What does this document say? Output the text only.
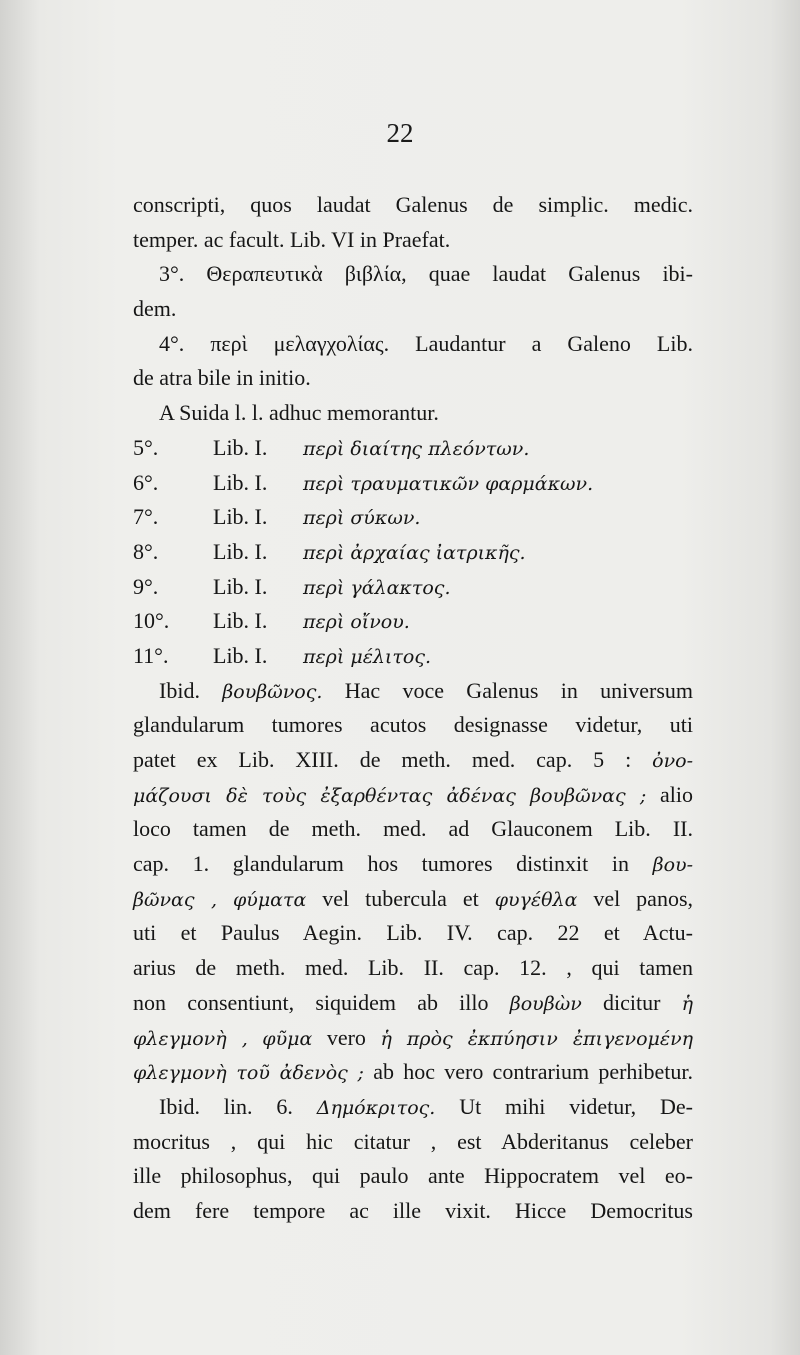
22
conscripti, quos laudat Galenus de simplic. medic.
temper. ac facult. Lib. VI in Praefat.
3°. Θεραπευτικὰ βιβλία, quae laudat Galenus ibi-
dem.
4°. περὶ μελαγχολίας. Laudantur a Galeno Lib.
de atra bile in initio.
A Suida l. l. adhuc memorantur.
5°. Lib. I. περὶ διαίτης πλεόντων.
6°. Lib. I. περὶ τραυματικῶν φαρμάκων.
7°. Lib. I. περὶ σύκων.
8°. Lib. I. περὶ ἀρχαίας ἰατρικῆς.
9°. Lib. I. περὶ γάλακτος.
10°. Lib. I. περὶ οἴνου.
11°. Lib. I. περὶ μέλιτος.
Ibid. βουβῶνος. Hac voce Galenus in universum
glandularum tumores acutos designasse videtur, uti
patet ex Lib. XIII. de meth. med. cap. 5 : ὀνο-
μάζουσι δὲ τοὺς ἐξαρθέντας ἀδένας βουβῶνας ; alio
loco tamen de meth. med. ad Glauconem Lib. II.
cap. 1. glandularum hos tumores distinxit in βου-
βῶνας , φύματα vel tubercula et φυγέθλα vel panos,
uti et Paulus Aegin. Lib. IV. cap. 22 et Actu-
arius de meth. med. Lib. II. cap. 12. , qui tamen
non consentiunt, siquidem ab illo βουβὼν dicitur ἡ
φλεγμονὴ , φῦμα vero ἡ πρὸς ἐκπύησιν ἐπιγενομένη
φλεγμονὴ τοῦ ἀδενὸς ; ab hoc vero contrarium perhibetur.
Ibid. lin. 6. Δημόκριτος. Ut mihi videtur, De-
mocritus , qui hic citatur , est Abderitanus celeber
ille philosophus, qui paulo ante Hippocratem vel eo-
dem fere tempore ac ille vixit. Hicce Democritus
